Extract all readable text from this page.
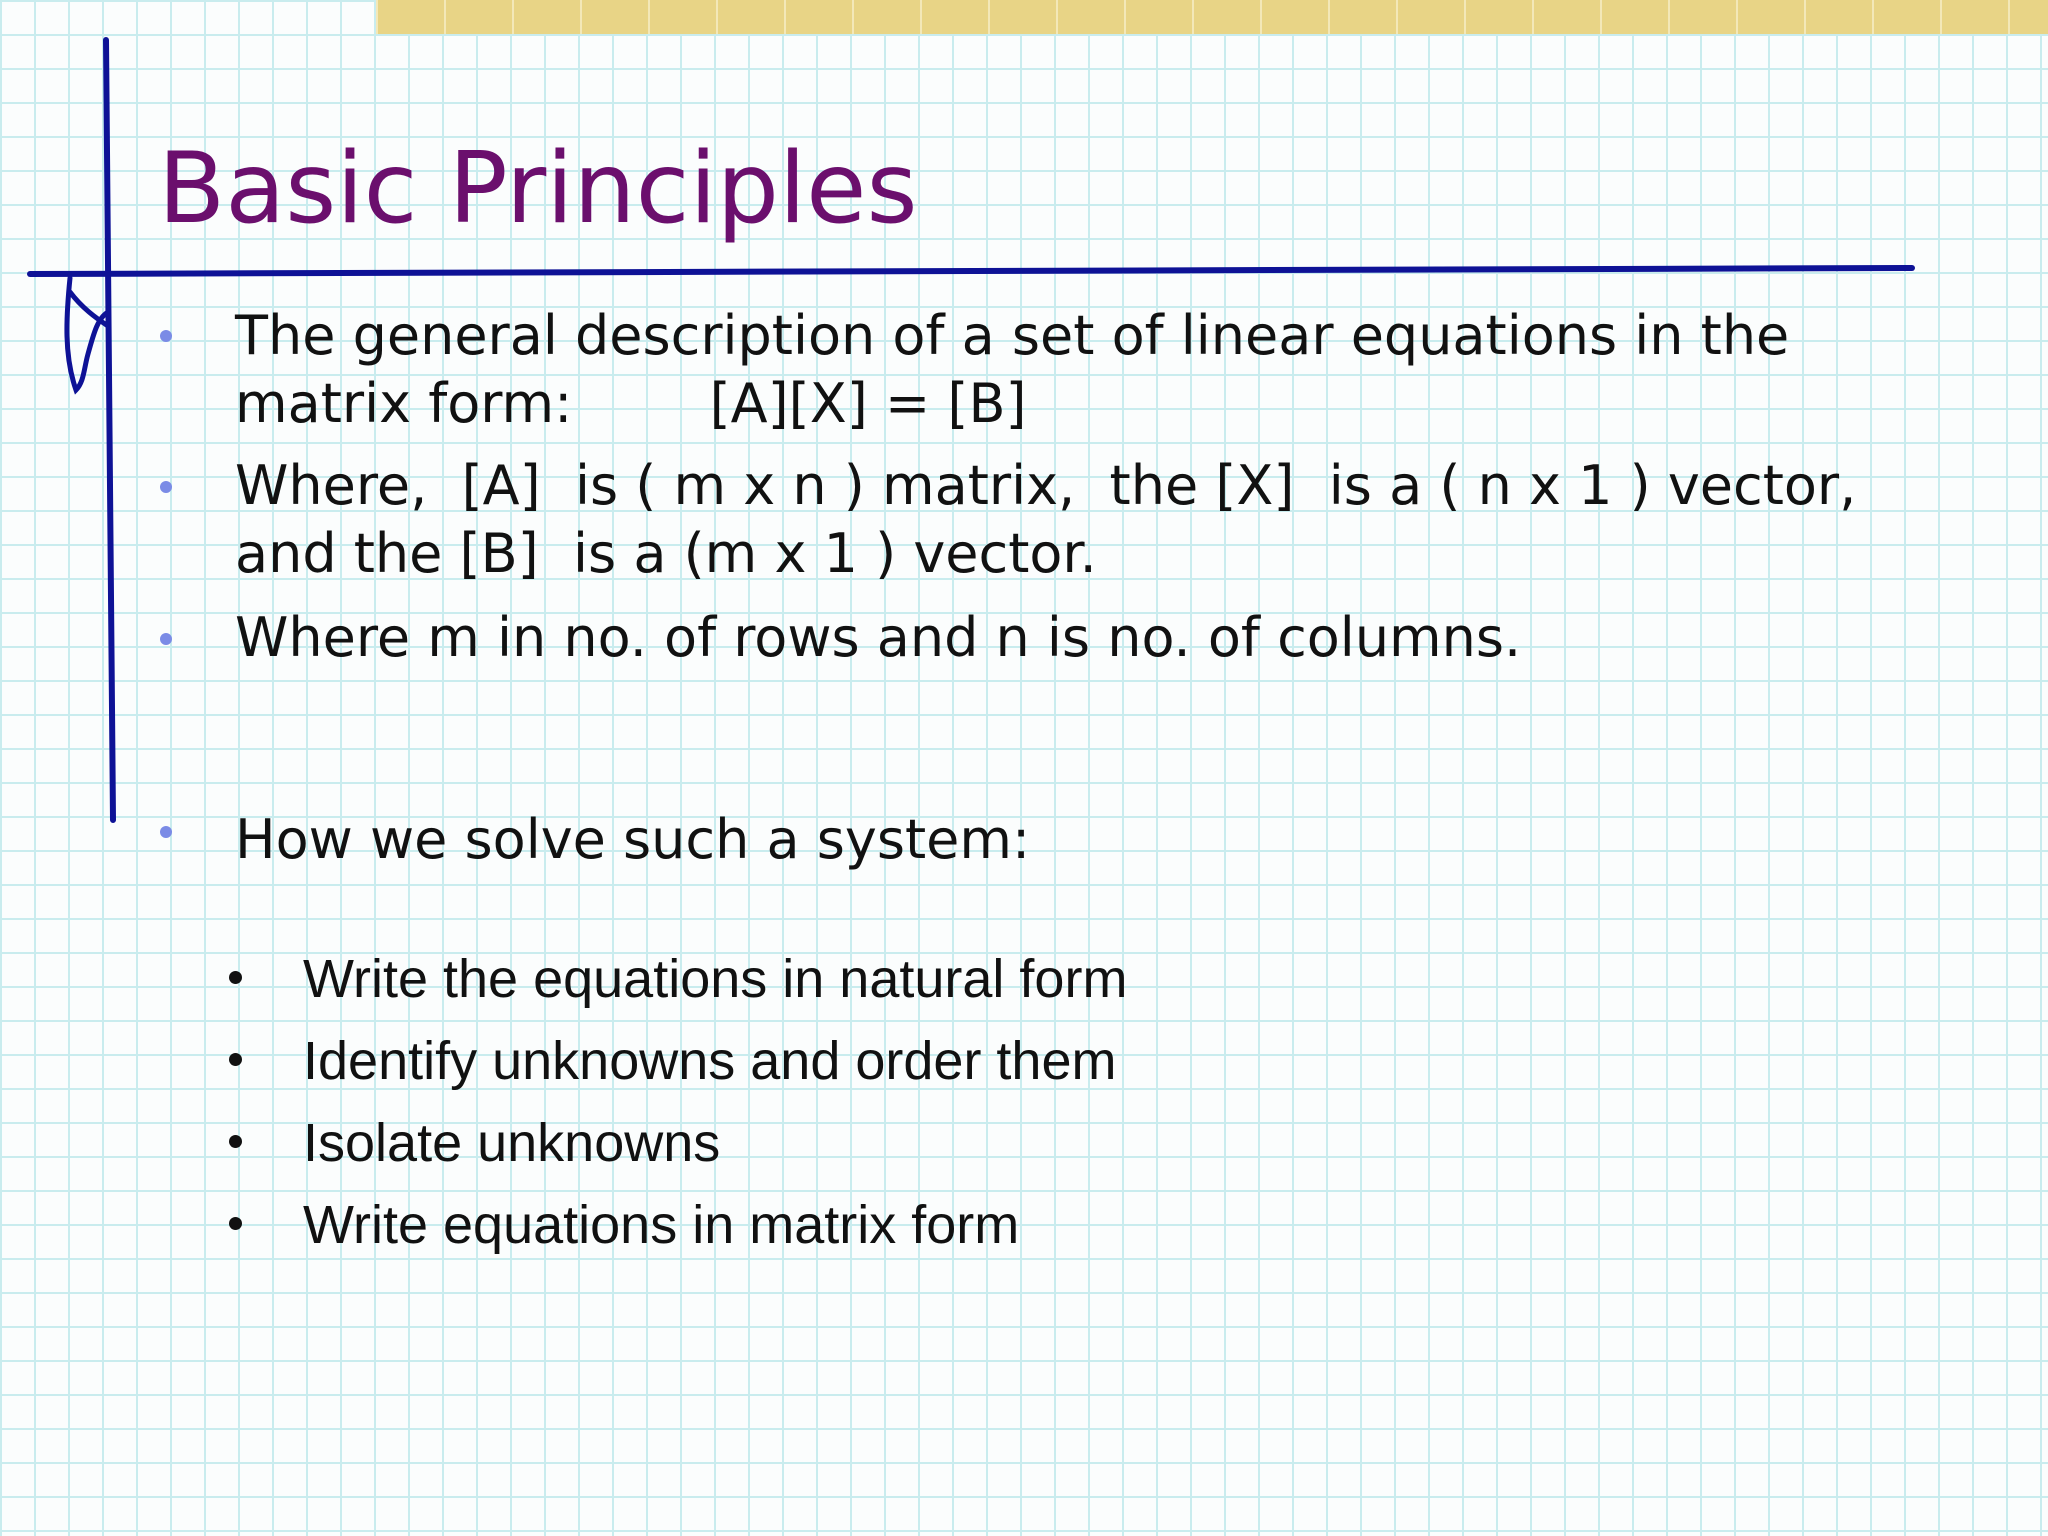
Basic Principles
The general description of a set of linear equations in the matrix form:        [A][X] = [B]
Where,  [A]  is ( m x n ) matrix,  the [X]  is a ( n x 1 ) vector, and the [B]  is a (m x 1 ) vector.
Where m in no. of rows and n is no. of columns.
How we solve such a system:
Write the equations in natural form
Identify unknowns and order them
Isolate unknowns
Write equations in matrix form
